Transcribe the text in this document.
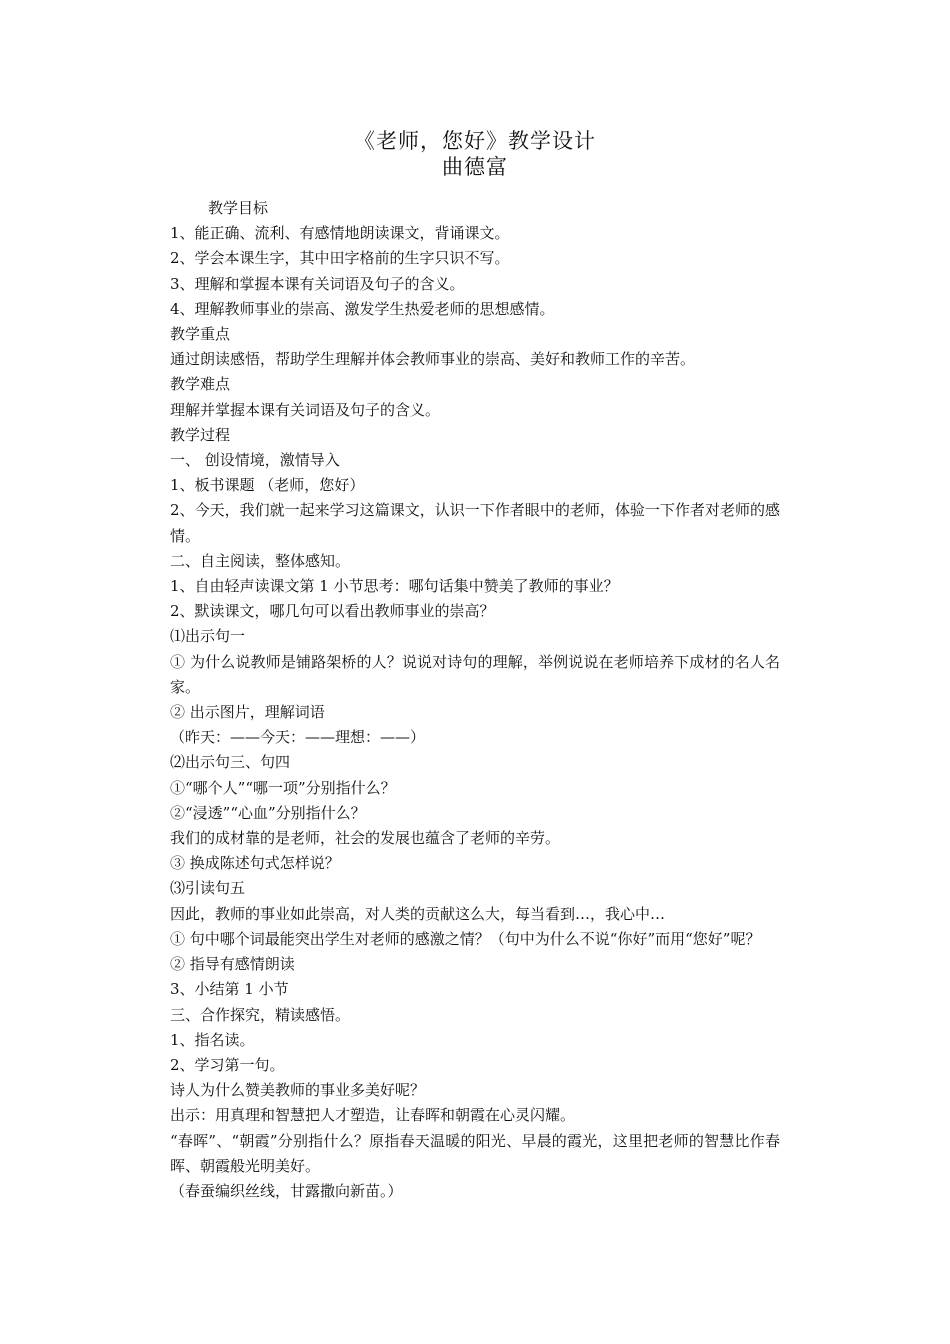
《老师，您好》教学设计
曲德富

教学目标

1、能正确、流利、有感情地朗读课文，背诵课文。

2、学会本课生字，其中田字格前的生字只识不写。

3、理解和掌握本课有关词语及句子的含义。

4、理解教师事业的崇高、激发学生热爱老师的思想感情。

教学重点

通过朗读感悟，帮助学生理解并体会教师事业的崇高、美好和教师工作的辛苦。

教学难点

理解并掌握本课有关词语及句子的含义。

教学过程

一、 创设情境，激情导入

1、板书课题 （老师，您好）

2、今天，我们就一起来学习这篇课文，认识一下作者眼中的老师，体验一下作者对老师的感情。

二、自主阅读，整体感知。

1、自由轻声读课文第 1 小节思考：哪句话集中赞美了教师的事业？

2、默读课文，哪几句可以看出教师事业的崇高？

⑴出示句一

① 为什么说教师是铺路架桥的人？说说对诗句的理解，举例说说在老师培养下成材的名人名家。

② 出示图片，理解词语

（昨天：——今天：——理想：——）

⑵出示句三、句四

①“哪个人”“哪一项”分别指什么？

②“浸透”“心血”分别指什么？

我们的成材靠的是老师，社会的发展也蕴含了老师的辛劳。

③ 换成陈述句式怎样说？

⑶引读句五

因此，教师的事业如此崇高，对人类的贡献这么大，每当看到…，我心中…

① 句中哪个词最能突出学生对老师的感激之情？（句中为什么不说“你好”而用“您好”呢？

② 指导有感情朗读

3、小结第 1 小节

三、合作探究，精读感悟。

1、指名读。

2、学习第一句。

诗人为什么赞美教师的事业多美好呢？

出示：用真理和智慧把人才塑造，让春晖和朝霞在心灵闪耀。

“春晖”、“朝霞”分别指什么？原指春天温暖的阳光、早晨的霞光，这里把老师的智慧比作春晖、朝霞般光明美好。

（春蚕编织丝线，甘露撒向新苗。）
